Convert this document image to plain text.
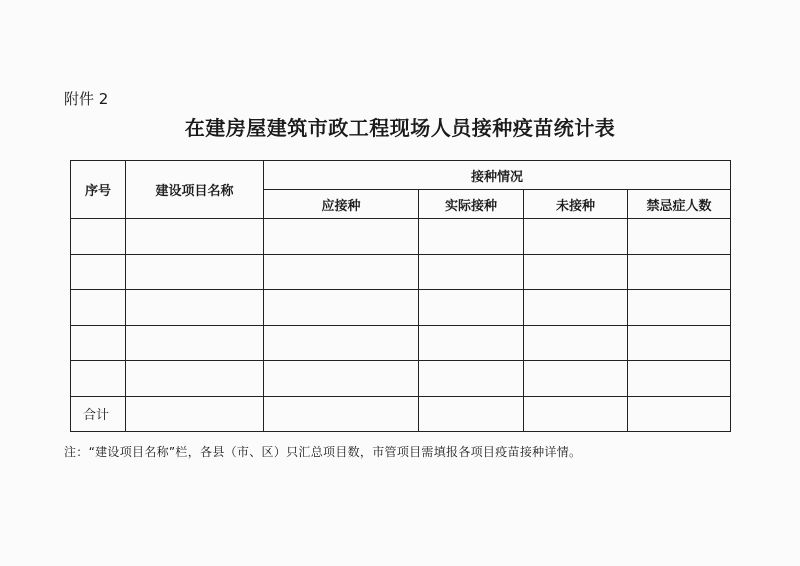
附件 2
在建房屋建筑市政工程现场人员接种疫苗统计表
序号	建设项目名称	接种情况			
		应接种	实际接种	未接种	禁忌症人数

合计					
注：“建设项目名称”栏，各县（市、区）只汇总项目数，市管项目需填报各项目疫苗接种详情。
